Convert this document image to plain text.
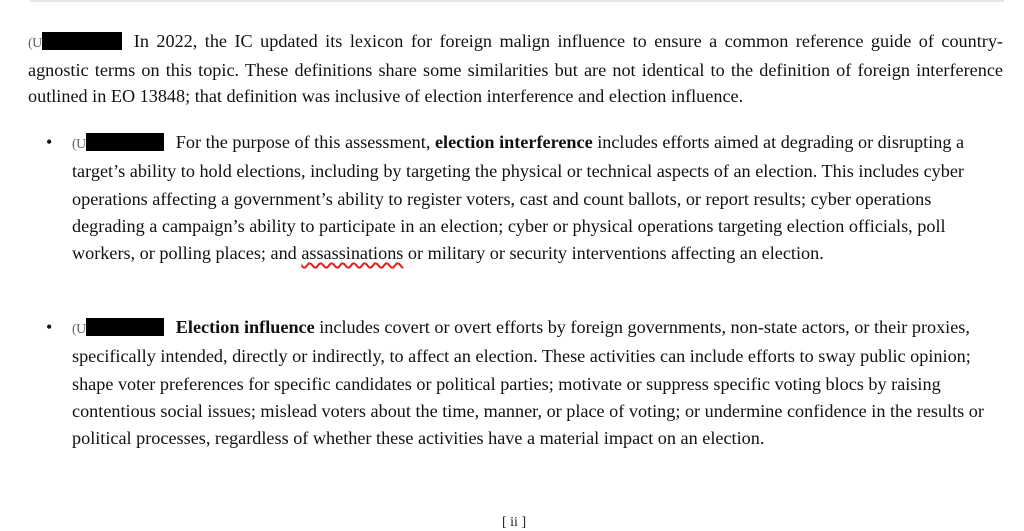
(U	In 2022, the IC updated its lexicon for foreign malign influence to ensure a common reference guide of country-agnostic terms on this topic. These definitions share some similarities but are not identical to the definition of foreign interference outlined in EO 13848; that definition was inclusive of election interference and election influence.

• (U	For the purpose of this assessment, election interference includes efforts aimed at degrading or disrupting a target’s ability to hold elections, including by targeting the physical or technical aspects of an election. This includes cyber operations affecting a government’s ability to register voters, cast and count ballots, or report results; cyber operations degrading a campaign’s ability to participate in an election; cyber or physical operations targeting election officials, poll workers, or polling places; and assassinations or military or security interventions affecting an election.
• (U	Election influence includes covert or overt efforts by foreign governments, non-state actors, or their proxies, specifically intended, directly or indirectly, to affect an election. These activities can include efforts to sway public opinion; shape voter preferences for specific candidates or political parties; motivate or suppress specific voting blocs by raising contentious social issues; mislead voters about the time, manner, or place of voting; or undermine confidence in the results or political processes, regardless of whether these activities have a material impact on an election.
[ ii ]
